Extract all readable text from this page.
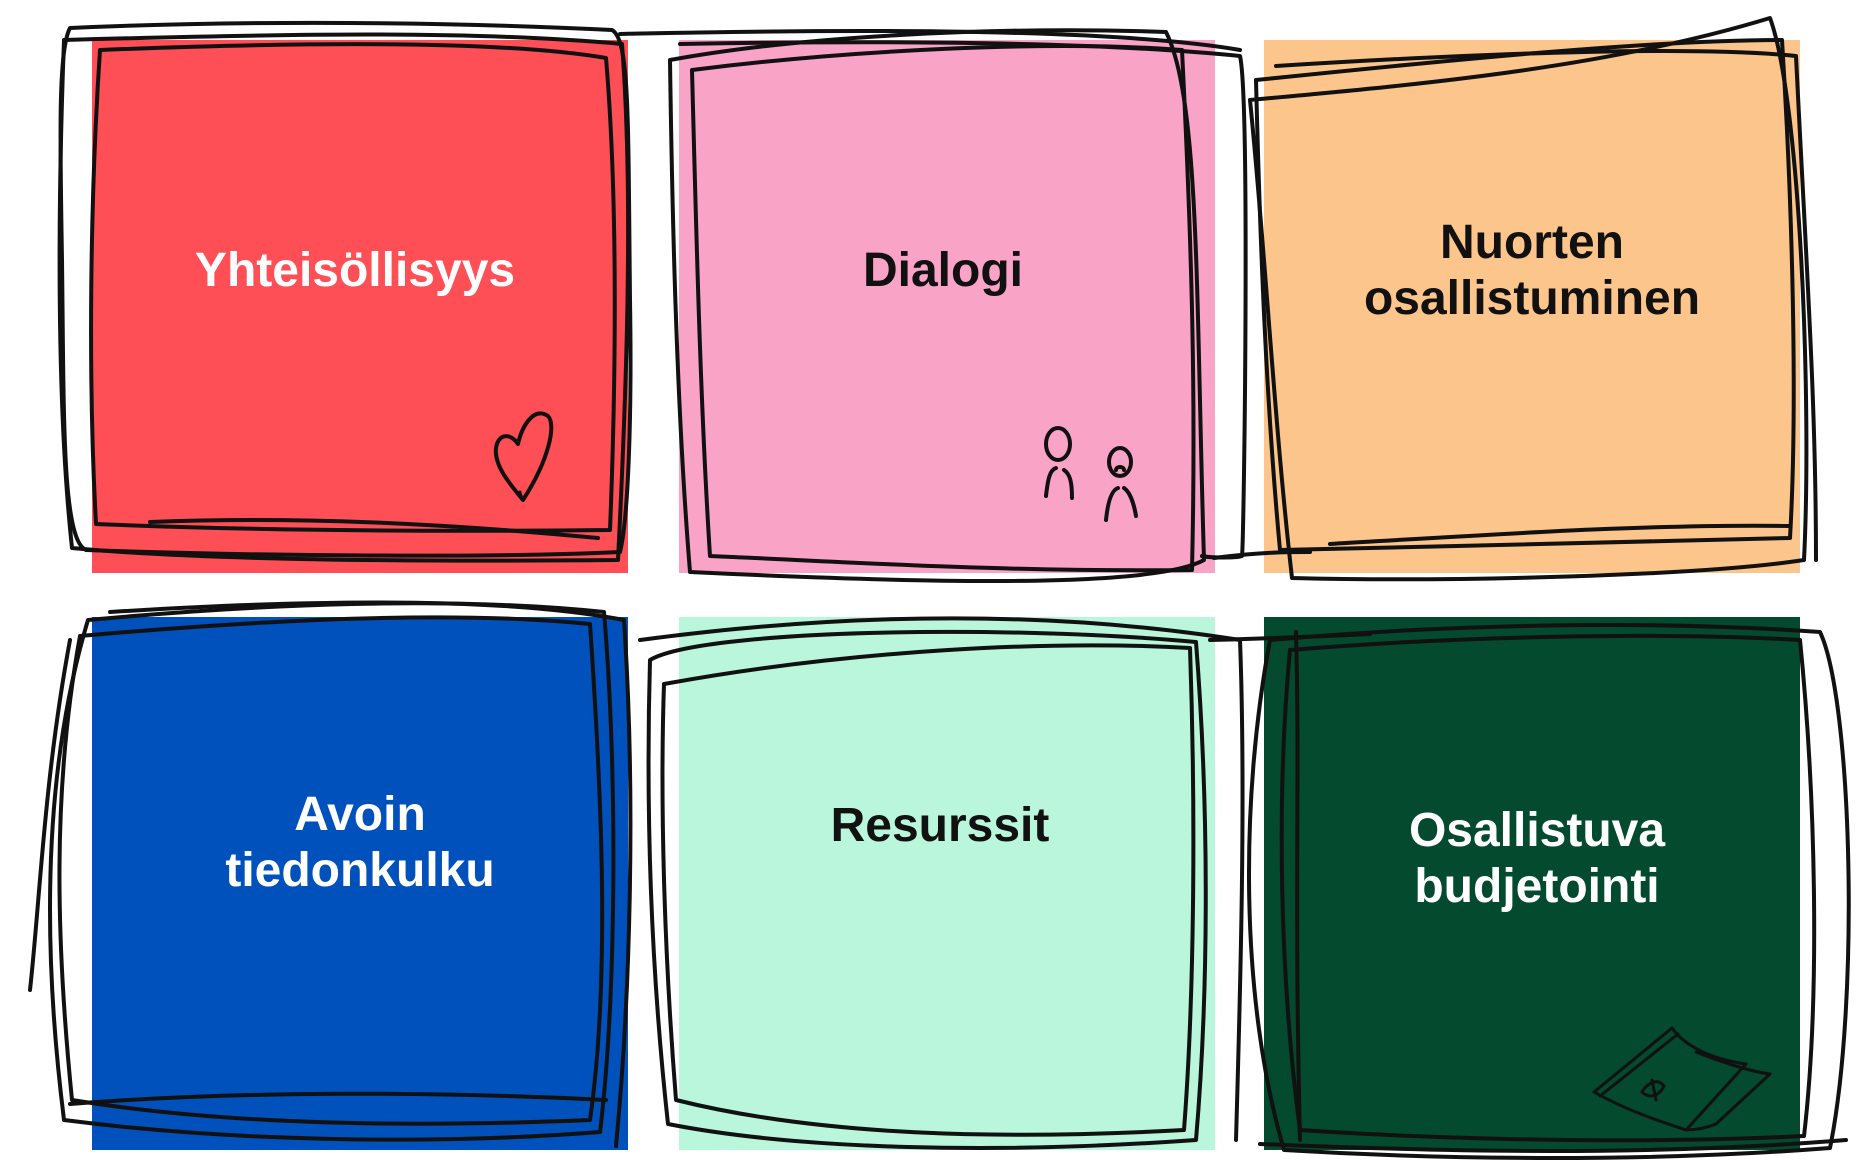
Yhteisöllisyys	Dialogi
Nuorten
osallistuminen
Avoin
tiedonkulku
Resurssit	Osallistuva
budjetointi
